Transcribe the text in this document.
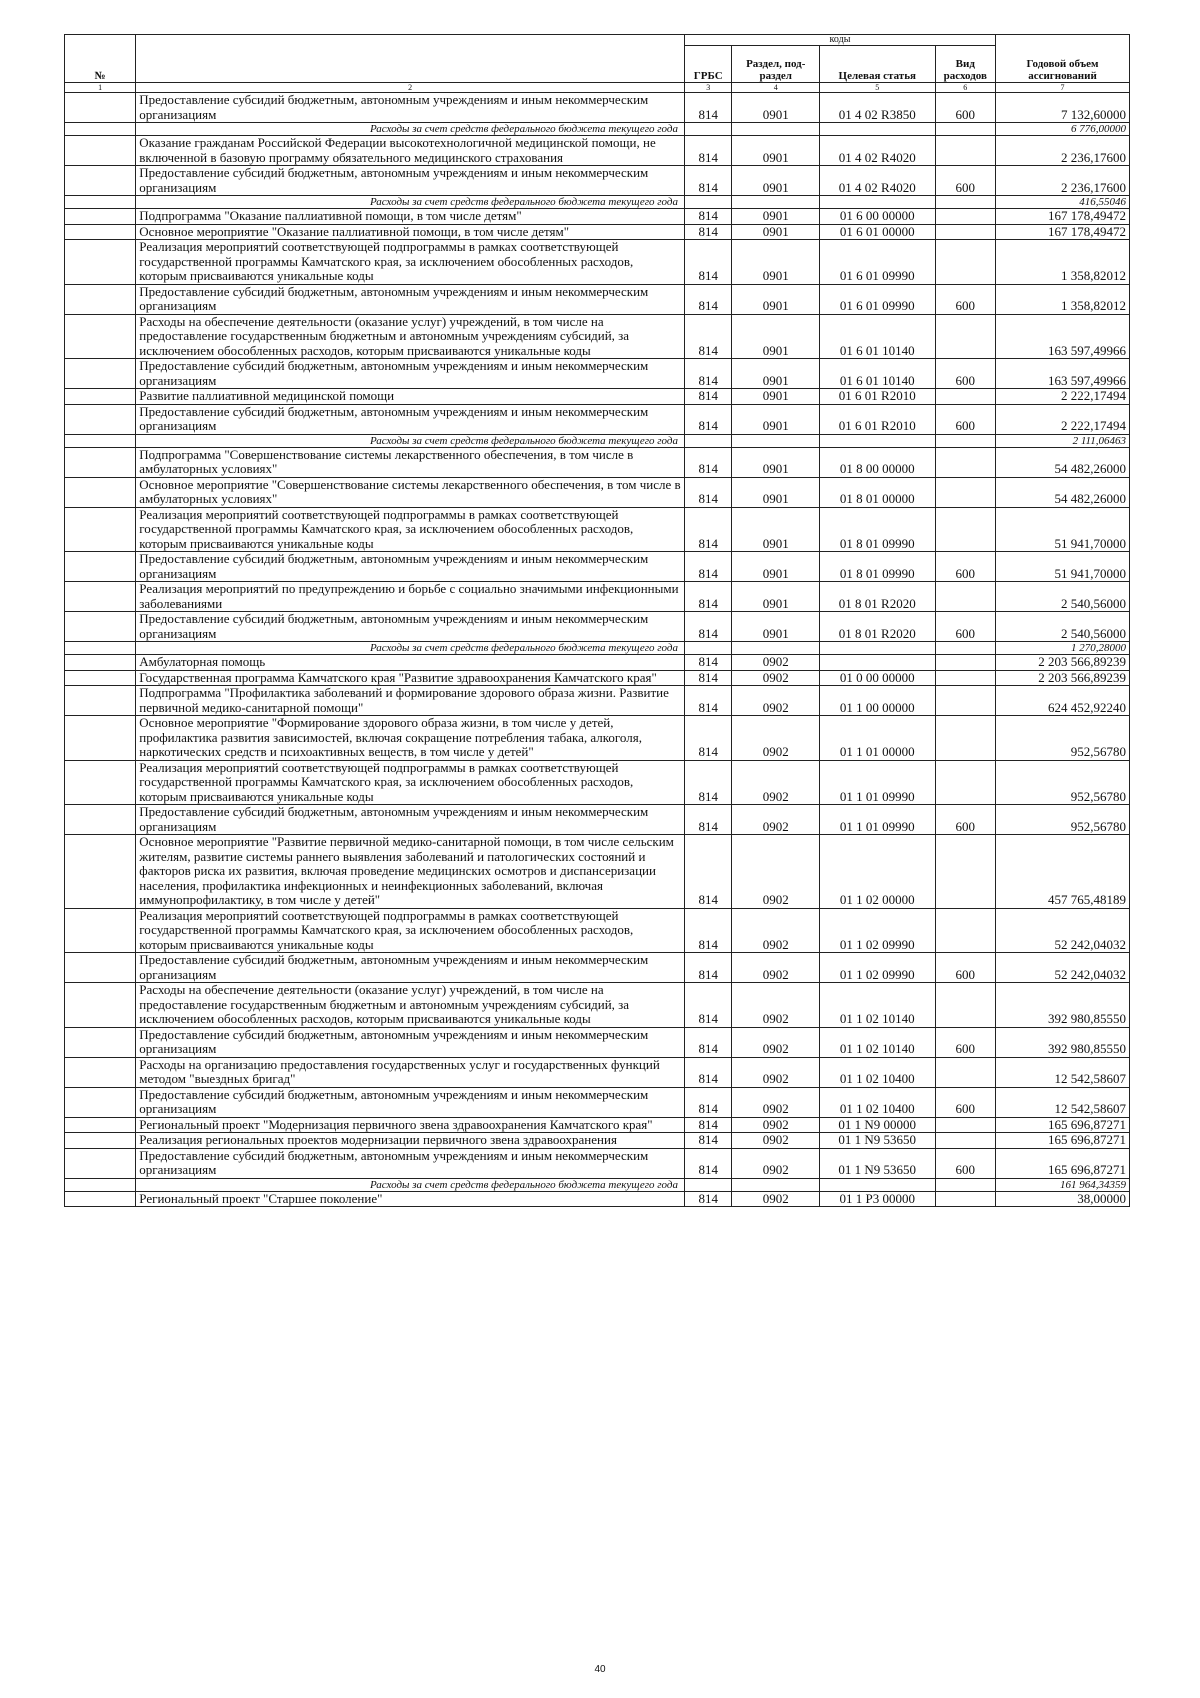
№		коды				Годовой объем ассигнований
		ГРБС	Раздел, под-раздел	Целевая статья	Вид расходов	
1	2	3	4	5	6	7
	Предоставление субсидий бюджетным, автономным учреждениям и иным некоммерческим организациям	814	0901	01 4 02 R3850	600	7 132,60000
	Расходы за счет средств федерального бюджета текущего года					6 776,00000
	Оказание гражданам Российской Федерации высокотехнологичной медицинской помощи, не включенной в базовую программу обязательного медицинского страхования	814	0901	01 4 02 R4020		2 236,17600
	Предоставление субсидий бюджетным, автономным учреждениям и иным некоммерческим организациям	814	0901	01 4 02 R4020	600	2 236,17600
	Расходы за счет средств федерального бюджета текущего года					416,55046
	Подпрограмма "Оказание паллиативной помощи, в том числе детям"	814	0901	01 6 00 00000		167 178,49472
	Основное мероприятие "Оказание паллиативной помощи, в том числе детям"	814	0901	01 6 01 00000		167 178,49472
	Реализация мероприятий соответствующей подпрограммы в рамках соответствующей государственной программы Камчатского края, за исключением обособленных расходов, которым присваиваются уникальные коды	814	0901	01 6 01 09990		1 358,82012
	Предоставление субсидий бюджетным, автономным учреждениям и иным некоммерческим организациям	814	0901	01 6 01 09990	600	1 358,82012
	Расходы на обеспечение деятельности (оказание услуг) учреждений, в том числе на предоставление государственным бюджетным и автономным учреждениям субсидий, за исключением обособленных расходов, которым присваиваются уникальные коды	814	0901	01 6 01 10140		163 597,49966
	Предоставление субсидий бюджетным, автономным учреждениям и иным некоммерческим организациям	814	0901	01 6 01 10140	600	163 597,49966
	Развитие паллиативной медицинской помощи	814	0901	01 6 01 R2010		2 222,17494
	Предоставление субсидий бюджетным, автономным учреждениям и иным некоммерческим организациям	814	0901	01 6 01 R2010	600	2 222,17494
	Расходы за счет средств федерального бюджета текущего года					2 111,06463
	Подпрограмма "Совершенствование системы лекарственного обеспечения, в том числе в амбулаторных условиях"	814	0901	01 8 00 00000		54 482,26000
	Основное мероприятие "Совершенствование системы лекарственного обеспечения, в том числе в амбулаторных условиях"	814	0901	01 8 01 00000		54 482,26000
	Реализация мероприятий соответствующей подпрограммы в рамках соответствующей государственной программы Камчатского края, за исключением обособленных расходов, которым присваиваются уникальные коды	814	0901	01 8 01 09990		51 941,70000
	Предоставление субсидий бюджетным, автономным учреждениям и иным некоммерческим организациям	814	0901	01 8 01 09990	600	51 941,70000
	Реализация мероприятий по предупреждению и борьбе с социально значимыми инфекционными заболеваниями	814	0901	01 8 01 R2020		2 540,56000
	Предоставление субсидий бюджетным, автономным учреждениям и иным некоммерческим организациям	814	0901	01 8 01 R2020	600	2 540,56000
	Расходы за счет средств федерального бюджета текущего года					1 270,28000
	Амбулаторная помощь	814	0902			2 203 566,89239
	Государственная программа Камчатского края "Развитие здравоохранения Камчатского края"	814	0902	01 0 00 00000		2 203 566,89239
	Подпрограмма "Профилактика заболеваний и формирование здорового образа жизни. Развитие первичной медико-санитарной помощи"	814	0902	01 1 00 00000		624 452,92240
	Основное мероприятие "Формирование здорового образа жизни, в том числе у детей, профилактика развития зависимостей, включая сокращение потребления табака, алкоголя, наркотических средств и психоактивных веществ, в том числе у детей"	814	0902	01 1 01 00000		952,56780
	Реализация мероприятий соответствующей подпрограммы в рамках соответствующей государственной программы Камчатского края, за исключением обособленных расходов, которым присваиваются уникальные коды	814	0902	01 1 01 09990		952,56780
	Предоставление субсидий бюджетным, автономным учреждениям и иным некоммерческим организациям	814	0902	01 1 01 09990	600	952,56780
	Основное мероприятие "Развитие первичной медико-санитарной помощи, в том числе сельским жителям, развитие системы раннего выявления заболеваний и патологических состояний и факторов риска их развития, включая проведение медицинских осмотров и диспансеризации населения, профилактика инфекционных и неинфекционных заболеваний, включая иммунопрофилактику, в том числе у детей"	814	0902	01 1 02 00000		457 765,48189
	Реализация мероприятий соответствующей подпрограммы в рамках соответствующей государственной программы Камчатского края, за исключением обособленных расходов, которым присваиваются уникальные коды	814	0902	01 1 02 09990		52 242,04032
	Предоставление субсидий бюджетным, автономным учреждениям и иным некоммерческим организациям	814	0902	01 1 02 09990	600	52 242,04032
	Расходы на обеспечение деятельности (оказание услуг) учреждений, в том числе на предоставление государственным бюджетным и автономным учреждениям субсидий, за исключением обособленных расходов, которым присваиваются уникальные коды	814	0902	01 1 02 10140		392 980,85550
	Предоставление субсидий бюджетным, автономным учреждениям и иным некоммерческим организациям	814	0902	01 1 02 10140	600	392 980,85550
	Расходы на организацию предоставления государственных услуг и государственных функций методом "выездных бригад"	814	0902	01 1 02 10400		12 542,58607
	Предоставление субсидий бюджетным, автономным учреждениям и иным некоммерческим организациям	814	0902	01 1 02 10400	600	12 542,58607
	Региональный проект "Модернизация первичного звена здравоохранения Камчатского края"	814	0902	01 1 N9 00000		165 696,87271
	Реализация региональных проектов модернизации первичного звена здравоохранения	814	0902	01 1 N9 53650		165 696,87271
	Предоставление субсидий бюджетным, автономным учреждениям и иным некоммерческим организациям	814	0902	01 1 N9 53650	600	165 696,87271
	Расходы за счет средств федерального бюджета текущего года					161 964,34359
	Региональный проект "Старшее поколение"	814	0902	01 1 P3 00000		38,00000
40
